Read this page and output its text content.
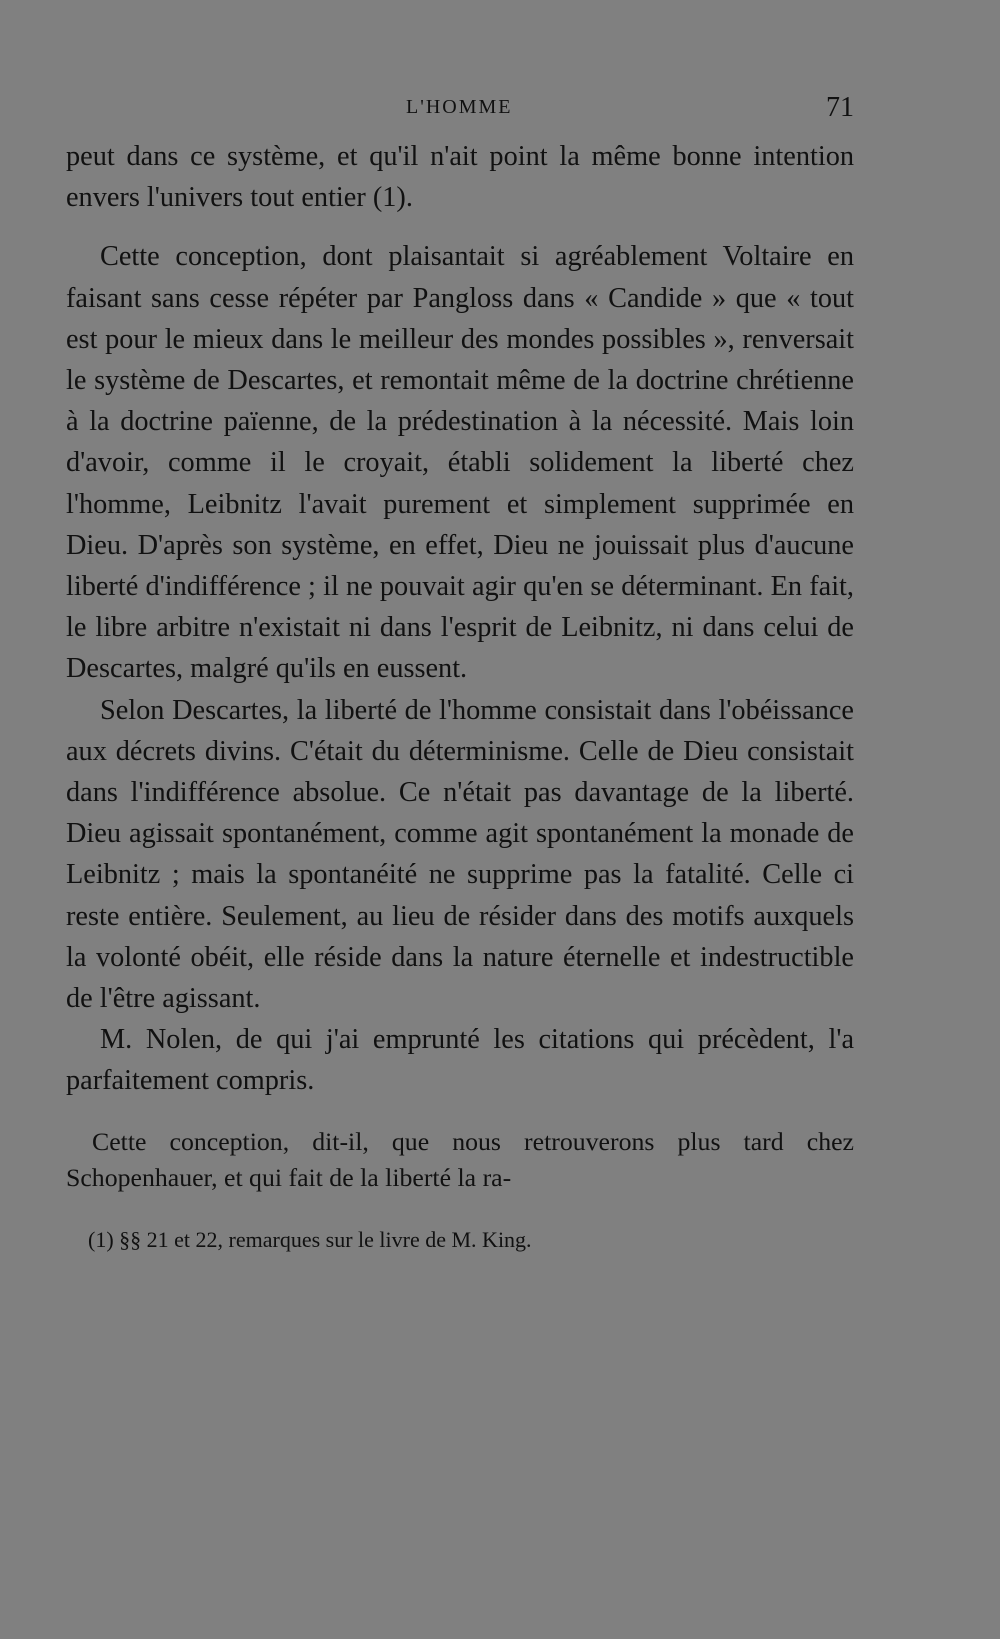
L'HOMME	71

peut dans ce système, et qu'il n'ait point la même bonne intention envers l'univers tout entier (1).

Cette conception, dont plaisantait si agréablement Voltaire en faisant sans cesse répéter par Pangloss dans « Candide » que « tout est pour le mieux dans le meilleur des mondes possibles », renversait le système de Descartes, et remontait même de la doctrine chrétienne à la doctrine païenne, de la prédestination à la nécessité. Mais loin d'avoir, comme il le croyait, établi solidement la liberté chez l'homme, Leibnitz l'avait purement et simplement supprimée en Dieu. D'après son système, en effet, Dieu ne jouissait plus d'aucune liberté d'indifférence ; il ne pouvait agir qu'en se déterminant. En fait, le libre arbitre n'existait ni dans l'esprit de Leibnitz, ni dans celui de Descartes, malgré qu'ils en eussent.

Selon Descartes, la liberté de l'homme consistait dans l'obéissance aux décrets divins. C'était du déterminisme. Celle de Dieu consistait dans l'indifférence absolue. Ce n'était pas davantage de la liberté. Dieu agissait spontanément, comme agit spontanément la monade de Leibnitz ; mais la spontanéité ne supprime pas la fatalité. Celle ci reste entière. Seulement, au lieu de résider dans des motifs auxquels la volonté obéit, elle réside dans la nature éternelle et indestructible de l'être agissant.

M. Nolen, de qui j'ai emprunté les citations qui précèdent, l'a parfaitement compris.

Cette conception, dit-il, que nous retrouverons plus tard chez Schopenhauer, et qui fait de la liberté la ra-

(1) §§ 21 et 22, remarques sur le livre de M. King.
